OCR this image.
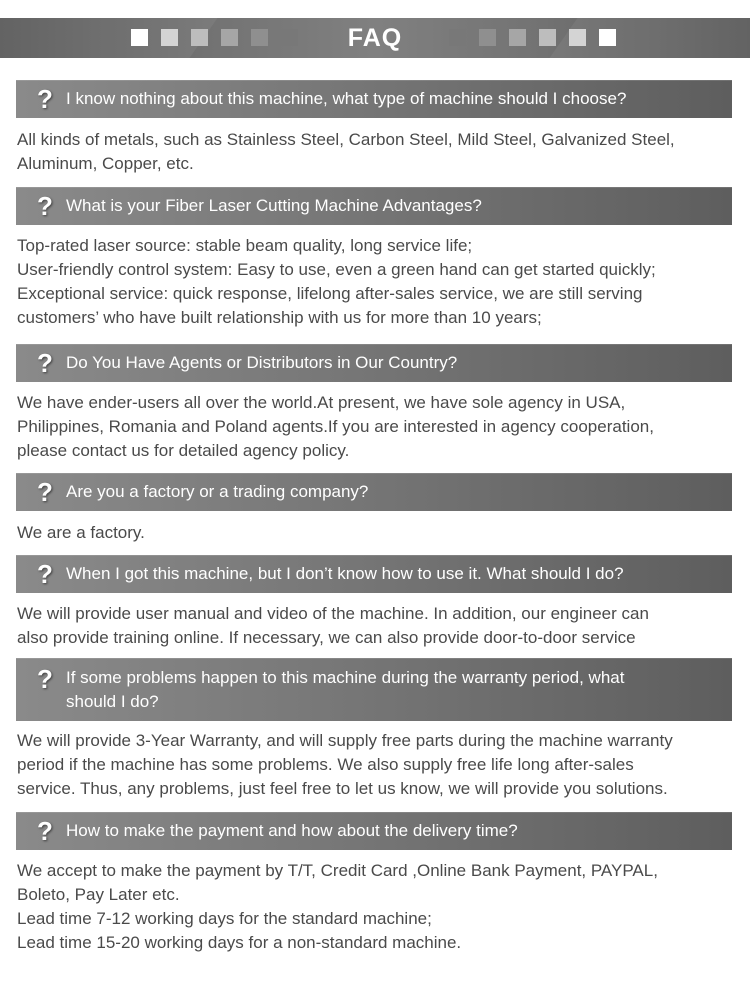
FAQ
? I know nothing about this machine, what type of machine should I choose?
All kinds of metals, such as Stainless Steel, Carbon Steel, Mild Steel, Galvanized Steel,
Aluminum, Copper, etc.
? What is your Fiber Laser Cutting Machine Advantages?
Top-rated laser source: stable beam quality, long service life;
User-friendly control system: Easy to use, even a green hand can get started quickly;
Exceptional service: quick response, lifelong after-sales service, we are still serving
customers’ who have built relationship with us for more than 10 years;
? Do You Have Agents or Distributors in Our Country?
We have ender-users all over the world.At present, we have sole agency in USA,
Philippines, Romania and Poland agents.If you are interested in agency cooperation,
please contact us for detailed agency policy.
? Are you a factory or a trading company?
We are a factory.
? When I got this machine, but I don’t know how to use it. What should I do?
We will provide user manual and video of the machine. In addition, our engineer can
also provide training online. If necessary, we can also provide door-to-door service
? If some problems happen to this machine during the warranty period, what should I do?
We will provide 3-Year Warranty, and will supply free parts during the machine warranty
period if the machine has some problems. We also supply free life long after-sales
service. Thus, any problems, just feel free to let us know, we will provide you solutions.
? How to make the payment and how about the delivery time?
We accept to make the payment by T/T, Credit Card ,Online Bank Payment, PAYPAL,
Boleto, Pay Later etc.
Lead time 7-12 working days for the standard machine;
Lead time 15-20 working days for a non-standard machine.
